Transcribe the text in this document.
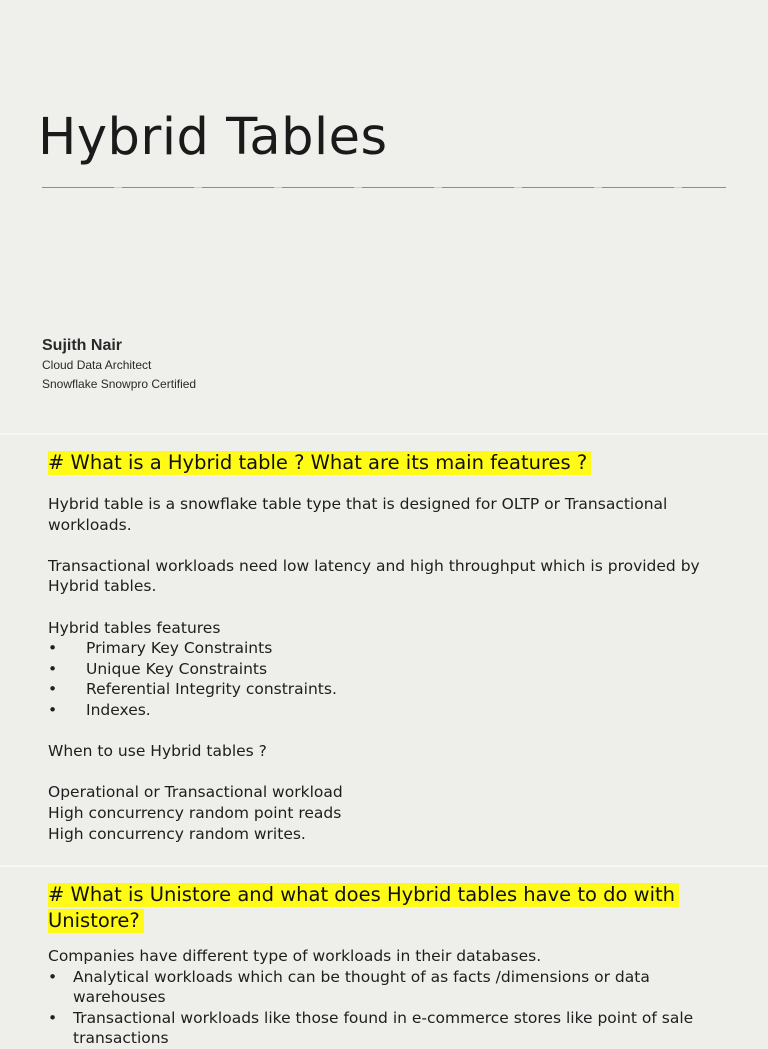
Hybrid Tables
Sujith Nair
Cloud Data Architect
Snowflake Snowpro Certified
# What is a Hybrid table ? What are its main features ?

Hybrid table is a snowflake table type that is designed for OLTP or Transactional workloads.

Transactional workloads need low latency and high throughput which is provided by Hybrid tables.

Hybrid tables features

•	Primary Key Constraints
•	Unique Key Constraints
•	Referential Integrity constraints.
•	Indexes.

When to use Hybrid tables ?

Operational or Transactional workload

High concurrency random point reads

High concurrency random writes.

# What is Unistore and what does Hybrid tables have to do with Unistore?

Companies have different type of workloads in their databases.

•	Analytical workloads which can be thought of as facts /dimensions or data warehouses
•	Transactional workloads like those found in e-commerce stores like point of sale transactions
